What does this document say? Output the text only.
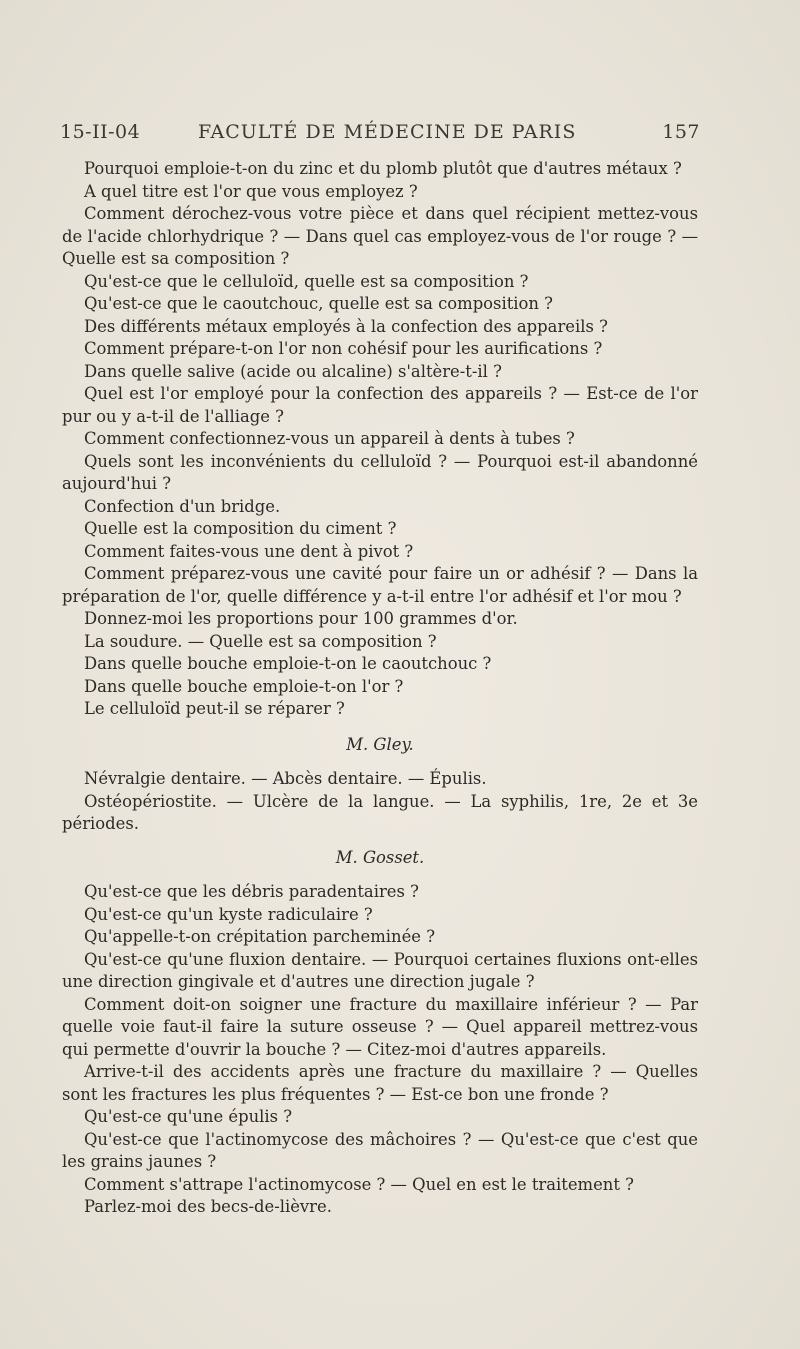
15-II-04	FACULTÉ DE MÉDECINE DE PARIS	157

Pourquoi emploie-t-on du zinc et du plomb plutôt que d'autres métaux ?

A quel titre est l'or que vous employez ?

Comment dérochez-vous votre pièce et dans quel récipient mettez-vous de l'acide chlorhydrique ? — Dans quel cas employez-vous de l'or rouge ? — Quelle est sa composition ?

Qu'est-ce que le celluloïd, quelle est sa composition ?

Qu'est-ce que le caoutchouc, quelle est sa composition ?

Des différents métaux employés à la confection des appareils ?

Comment prépare-t-on l'or non cohésif pour les aurifications ?

Dans quelle salive (acide ou alcaline) s'altère-t-il ?

Quel est l'or employé pour la confection des appareils ? — Est-ce de l'or pur ou y a-t-il de l'alliage ?

Comment confectionnez-vous un appareil à dents à tubes ?

Quels sont les inconvénients du celluloïd ? — Pourquoi est-il abandonné aujourd'hui ?

Confection d'un bridge.

Quelle est la composition du ciment ?

Comment faites-vous une dent à pivot ?

Comment préparez-vous une cavité pour faire un or adhésif ? — Dans la préparation de l'or, quelle différence y a-t-il entre l'or adhésif et l'or mou ?

Donnez-moi les proportions pour 100 grammes d'or.

La soudure. — Quelle est sa composition ?

Dans quelle bouche emploie-t-on le caoutchouc ?

Dans quelle bouche emploie-t-on l'or ?

Le celluloïd peut-il se réparer ?

M. Gley.

Névralgie dentaire. — Abcès dentaire. — Épulis.

Ostéopériostite. — Ulcère de la langue. — La syphilis, 1re, 2e et 3e périodes.

M. Gosset.

Qu'est-ce que les débris paradentaires ?

Qu'est-ce qu'un kyste radiculaire ?

Qu'appelle-t-on crépitation parcheminée ?

Qu'est-ce qu'une fluxion dentaire. — Pourquoi certaines fluxions ont-elles une direction gingivale et d'autres une direction jugale ?

Comment doit-on soigner une fracture du maxillaire inférieur ? — Par quelle voie faut-il faire la suture osseuse ? — Quel appareil mettrez-vous qui permette d'ouvrir la bouche ? — Citez-moi d'autres appareils.

Arrive-t-il des accidents après une fracture du maxillaire ? — Quelles sont les fractures les plus fréquentes ? — Est-ce bon une fronde ?

Qu'est-ce qu'une épulis ?

Qu'est-ce que l'actinomycose des mâchoires ? — Qu'est-ce que c'est que les grains jaunes ?

Comment s'attrape l'actinomycose ? — Quel en est le traitement ?

Parlez-moi des becs-de-lièvre.
